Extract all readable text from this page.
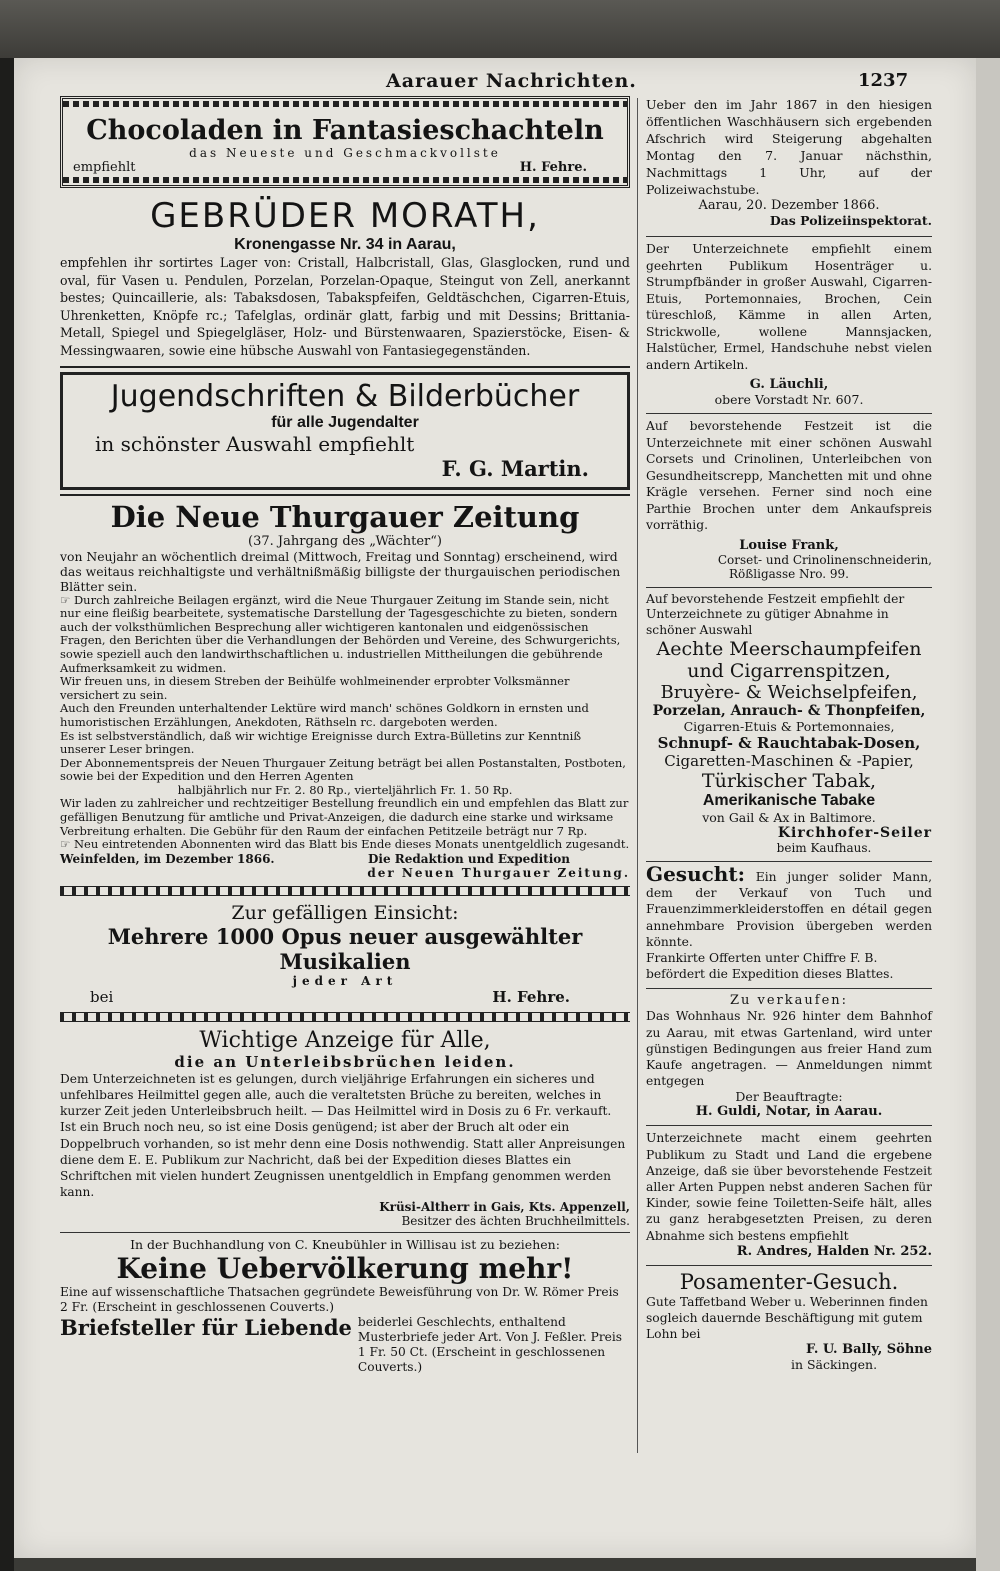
Aarauer Nachrichten.	1237
Chocoladen in Fantasieschachteln
das Neueste und Geschmackvollste
empfiehlt	H. Fehre.
GEBRÜDER MORATH,
Kronengasse Nr. 34 in Aarau,

empfehlen ihr sortirtes Lager von: Cristall, Halbcristall, Glas, Glasglocken, rund und oval, für Vasen u. Pendulen, Porzelan, Porzelan-Opaque, Steingut von Zell, anerkannt bestes; Quincaillerie, als: Tabaksdosen, Tabakspfeifen, Geldtäschchen, Cigarren-Etuis, Uhrenketten, Knöpfe rc.; Tafelglas, ordinär glatt, farbig und mit Dessins; Brittania-Metall, Spiegel und Spiegelgläser, Holz- und Bürstenwaaren, Spazierstöcke, Eisen- & Messingwaaren, sowie eine hübsche Auswahl von Fantasiegegenständen.

Jugendschriften & Bilderbücher
für alle Jugendalter
in schönster Auswahl empfiehlt
F. G. Martin.
Die Neue Thurgauer Zeitung
(37. Jahrgang des „Wächter“)

von Neujahr an wöchentlich dreimal (Mittwoch, Freitag und Sonntag) erscheinend, wird das weitaus reichhaltigste und verhältnißmäßig billigste der thurgauischen periodischen Blätter sein.

☞ Durch zahlreiche Beilagen ergänzt, wird die Neue Thurgauer Zeitung im Stande sein, nicht nur eine fleißig bearbeitete, systematische Darstellung der Tagesgeschichte zu bieten, sondern auch der volksthümlichen Besprechung aller wichtigeren kantonalen und eidgenössischen Fragen, den Berichten über die Verhandlungen der Behörden und Vereine, des Schwurgerichts, sowie speziell auch den landwirthschaftlichen u. industriellen Mittheilungen die gebührende Aufmerksamkeit zu widmen.

Wir freuen uns, in diesem Streben der Beihülfe wohlmeinender erprobter Volksmänner versichert zu sein.

Auch den Freunden unterhaltender Lektüre wird manch' schönes Goldkorn in ernsten und humoristischen Erzählungen, Anekdoten, Räthseln rc. dargeboten werden.

Es ist selbstverständlich, daß wir wichtige Ereignisse durch Extra-Bülletins zur Kenntniß unserer Leser bringen.

Der Abonnementspreis der Neuen Thurgauer Zeitung beträgt bei allen Postanstalten, Postboten, sowie bei der Expedition und den Herren Agenten

halbjährlich nur Fr. 2. 80 Rp., vierteljährlich Fr. 1. 50 Rp.

Wir laden zu zahlreicher und rechtzeitiger Bestellung freundlich ein und empfehlen das Blatt zur gefälligen Benutzung für amtliche und Privat-Anzeigen, die dadurch eine starke und wirksame Verbreitung erhalten. Die Gebühr für den Raum der einfachen Petitzeile beträgt nur 7 Rp.

☞ Neu eintretenden Abonnenten wird das Blatt bis Ende dieses Monats unentgeldlich zugesandt.

Weinfelden, im Dezember 1866.	Die Redaktion und Expedition
der Neuen Thurgauer Zeitung.
Zur gefälligen Einsicht:
Mehrere 1000 Opus neuer ausgewählter Musikalien
jeder Art
bei	H. Fehre.
Wichtige Anzeige für Alle,
die an Unterleibsbrüchen leiden.

Dem Unterzeichneten ist es gelungen, durch vieljährige Erfahrungen ein sicheres und unfehlbares Heilmittel gegen alle, auch die veraltetsten Brüche zu bereiten, welches in kurzer Zeit jeden Unterleibsbruch heilt. — Das Heilmittel wird in Dosis zu 6 Fr. verkauft. Ist ein Bruch noch neu, so ist eine Dosis genügend; ist aber der Bruch alt oder ein Doppelbruch vorhanden, so ist mehr denn eine Dosis nothwendig. Statt aller Anpreisungen diene dem E. E. Publikum zur Nachricht, daß bei der Expedition dieses Blattes ein Schriftchen mit vielen hundert Zeugnissen unentgeldlich in Empfang genommen werden kann.

Krüsi-Altherr in Gais, Kts. Appenzell,
Besitzer des ächten Bruchheilmittels.
In der Buchhandlung von C. Kneubühler in Willisau ist zu beziehen:
Keine Uebervölkerung mehr!

Eine auf wissenschaftliche Thatsachen gegründete Beweisführung von Dr. W. Römer Preis 2 Fr. (Erscheint in geschlossenen Couverts.)

Briefsteller für Liebende beiderlei Geschlechts, enthaltend Musterbriefe jeder Art. Von J. Feßler. Preis 1 Fr. 50 Ct. (Erscheint in geschlossenen Couverts.)

Ueber den im Jahr 1867 in den hiesigen öffentlichen Waschhäusern sich ergebenden Afschrich wird Steigerung abgehalten Montag den 7. Januar nächsthin, Nachmittags 1 Uhr, auf der Polizeiwachstube.

Aarau, 20. Dezember 1866.
Das Polizeiinspektorat.

Der Unterzeichnete empfiehlt einem geehrten Publikum Hosenträger u. Strumpfbänder in großer Auswahl, Cigarren-Etuis, Portemonnaies, Brochen, Cein türeschloß, Kämme in allen Arten, Strickwolle, wollene Mannsjacken, Halstücher, Ermel, Handschuhe nebst vielen andern Artikeln.

G. Läuchli,
obere Vorstadt Nr. 607.

Auf bevorstehende Festzeit ist die Unterzeichnete mit einer schönen Auswahl Corsets und Crinolinen, Unterleibchen von Gesundheitscrepp, Manchetten mit und ohne Krägle versehen. Ferner sind noch eine Parthie Brochen unter dem Ankaufspreis vorräthig.

Louise Frank,
Corset- und Crinolinenschneiderin,
Rößligasse Nro. 99.

Auf bevorstehende Festzeit empfiehlt der Unterzeichnete zu gütiger Abnahme in schöner Auswahl

Aechte Meerschaumpfeifen
und Cigarrenspitzen,
Bruyère- & Weichselpfeifen,
Porzelan, Anrauch- & Thonpfeifen,
Cigarren-Etuis & Portemonnaies,
Schnupf- & Rauchtabak-Dosen,
Cigaretten-Maschinen & -Papier,
Türkischer Tabak,
Amerikanische Tabake
von Gail & Ax in Baltimore.
Kirchhofer-Seiler
beim Kaufhaus.

Gesucht: Ein junger solider Mann, dem der Verkauf von Tuch und Frauenzimmerkleiderstoffen en détail gegen annehmbare Provision übergeben werden könnte.

Frankirte Offerten unter Chiffre F. B. befördert die Expedition dieses Blattes.

Zu verkaufen:

Das Wohnhaus Nr. 926 hinter dem Bahnhof zu Aarau, mit etwas Gartenland, wird unter günstigen Bedingungen aus freier Hand zum Kaufe angetragen. — Anmeldungen nimmt entgegen

Der Beauftragte:
H. Guldi, Notar, in Aarau.

Unterzeichnete macht einem geehrten Publikum zu Stadt und Land die ergebene Anzeige, daß sie über bevorstehende Festzeit aller Arten Puppen nebst anderen Sachen für Kinder, sowie feine Toiletten-Seife hält, alles zu ganz herabgesetzten Preisen, zu deren Abnahme sich bestens empfiehlt

R. Andres, Halden Nr. 252.
Posamenter-Gesuch.

Gute Taffetband Weber u. Weberinnen finden sogleich dauernde Beschäftigung mit gutem Lohn bei

F. U. Bally, Söhne
in Säckingen.
